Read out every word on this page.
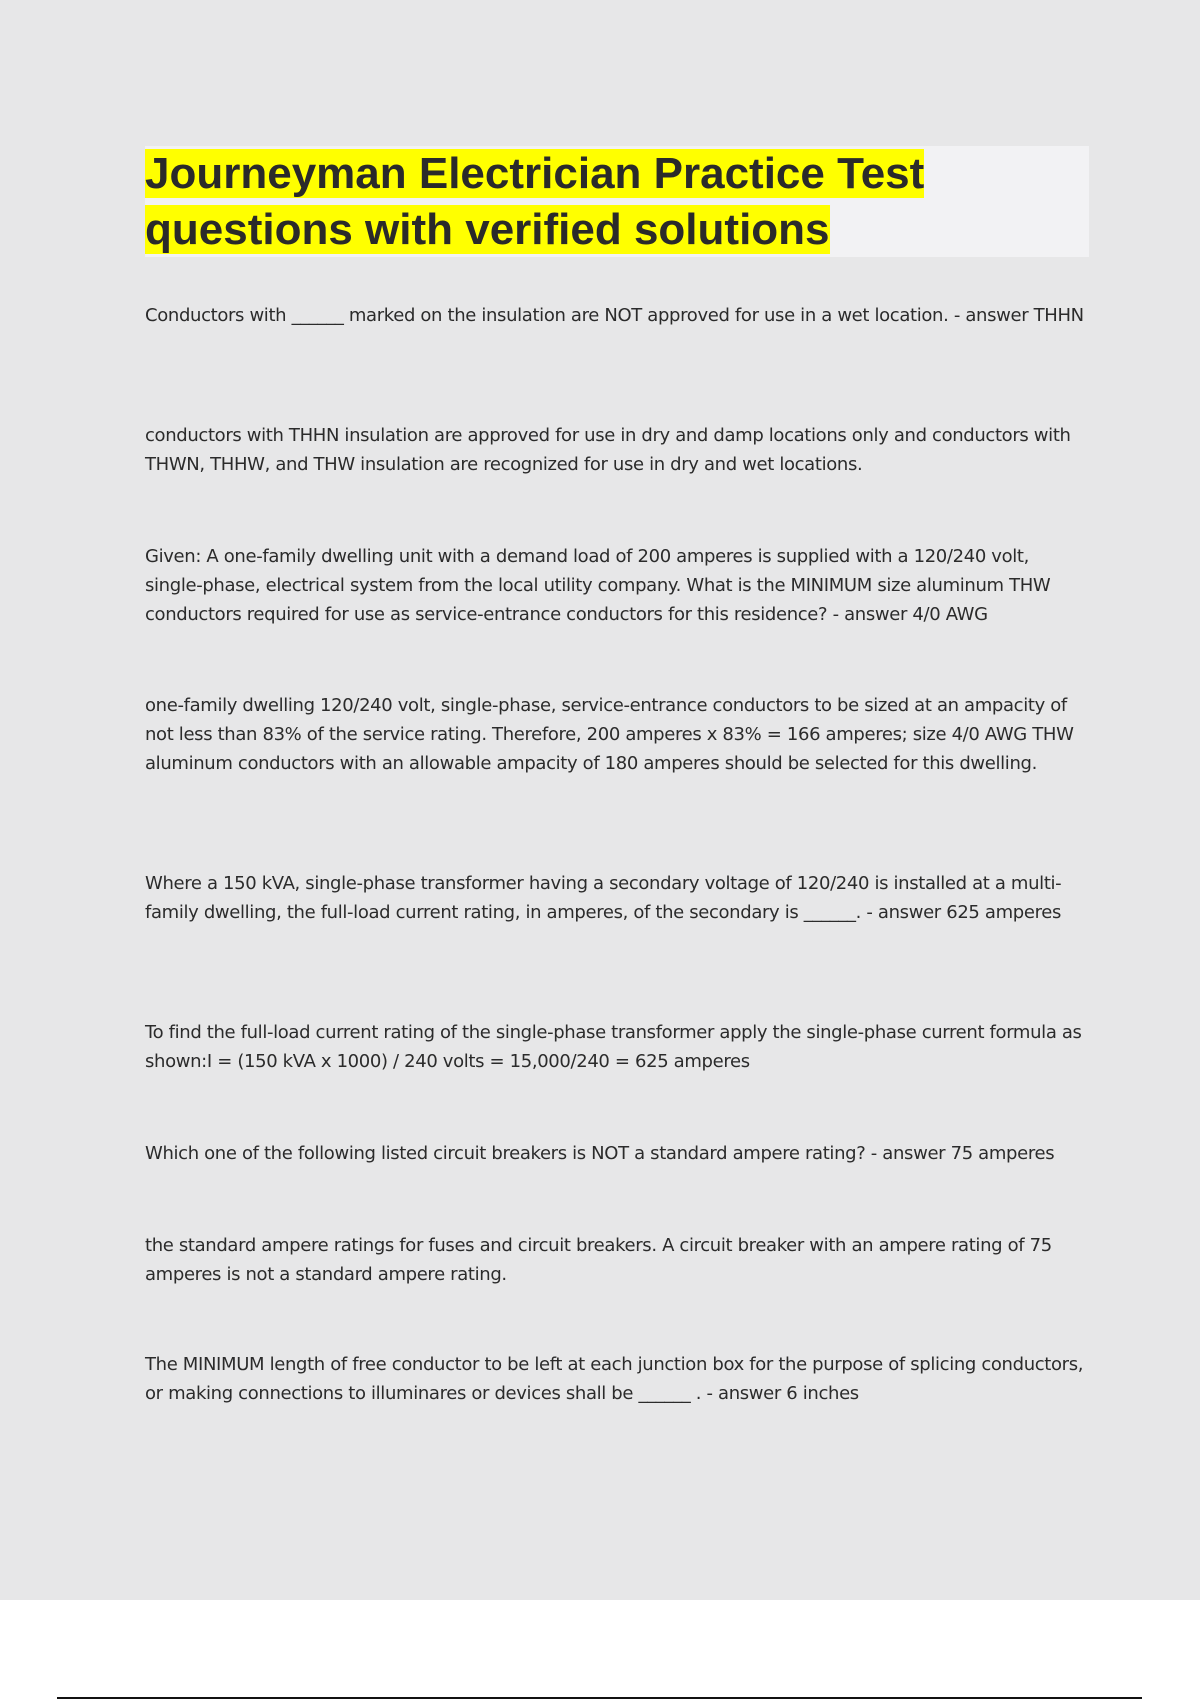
Journeyman Electrician Practice Test
questions with verified solutions

Conductors with ______ marked on the insulation are NOT approved for use in a wet location. - answer THHN

conductors with THHN insulation are approved for use in dry and damp locations only and conductors with THWN, THHW, and THW insulation are recognized for use in dry and wet locations.

Given: A one-family dwelling unit with a demand load of 200 amperes is supplied with a 120/240 volt, single-phase, electrical system from the local utility company. What is the MINIMUM size aluminum THW conductors required for use as service-entrance conductors for this residence? - answer 4/0 AWG

one-family dwelling 120/240 volt, single-phase, service-entrance conductors to be sized at an ampacity of not less than 83% of the service rating. Therefore, 200 amperes x 83% = 166 amperes; size 4/0 AWG THW aluminum conductors with an allowable ampacity of 180 amperes should be selected for this dwelling.

Where a 150 kVA, single-phase transformer having a secondary voltage of 120/240 is installed at a multi-family dwelling, the full-load current rating, in amperes, of the secondary is ______. - answer 625 amperes

To find the full-load current rating of the single-phase transformer apply the single-phase current formula as shown:I = (150 kVA x 1000) / 240 volts = 15,000/240 = 625 amperes

Which one of the following listed circuit breakers is NOT a standard ampere rating? - answer 75 amperes

the standard ampere ratings for fuses and circuit breakers. A circuit breaker with an ampere rating of 75 amperes is not a standard ampere rating.

The MINIMUM length of free conductor to be left at each junction box for the purpose of splicing conductors, or making connections to illuminares or devices shall be ______ . - answer 6 inches
